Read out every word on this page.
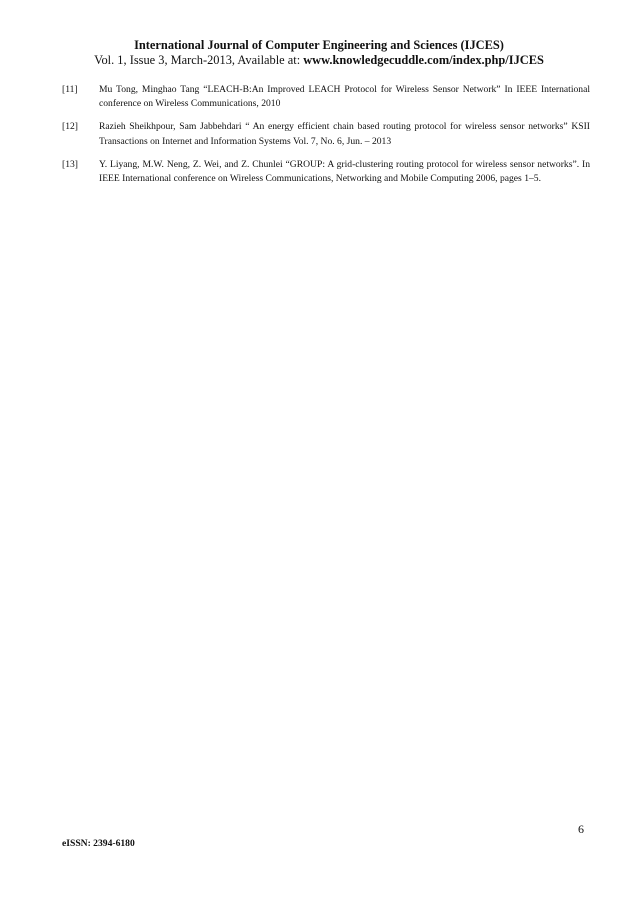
International Journal of Computer Engineering and Sciences (IJCES)
Vol. 1, Issue 3, March-2013, Available at: www.knowledgecuddle.com/index.php/IJCES
[11]	Mu Tong, Minghao Tang “LEACH-B:An Improved LEACH Protocol for Wireless Sensor Network” In IEEE International conference on Wireless Communications, 2010
[12]	Razieh Sheikhpour, Sam Jabbehdari “ An energy efficient chain based routing protocol for wireless sensor networks” KSII Transactions on Internet and Information Systems Vol. 7, No. 6, Jun. – 2013
[13]	Y. Liyang, M.W. Neng, Z. Wei, and Z. Chunlei “GROUP: A grid-clustering routing protocol for wireless sensor networks”. In IEEE International conference on Wireless Communications, Networking and Mobile Computing 2006, pages 1–5.
6
eISSN: 2394-6180
